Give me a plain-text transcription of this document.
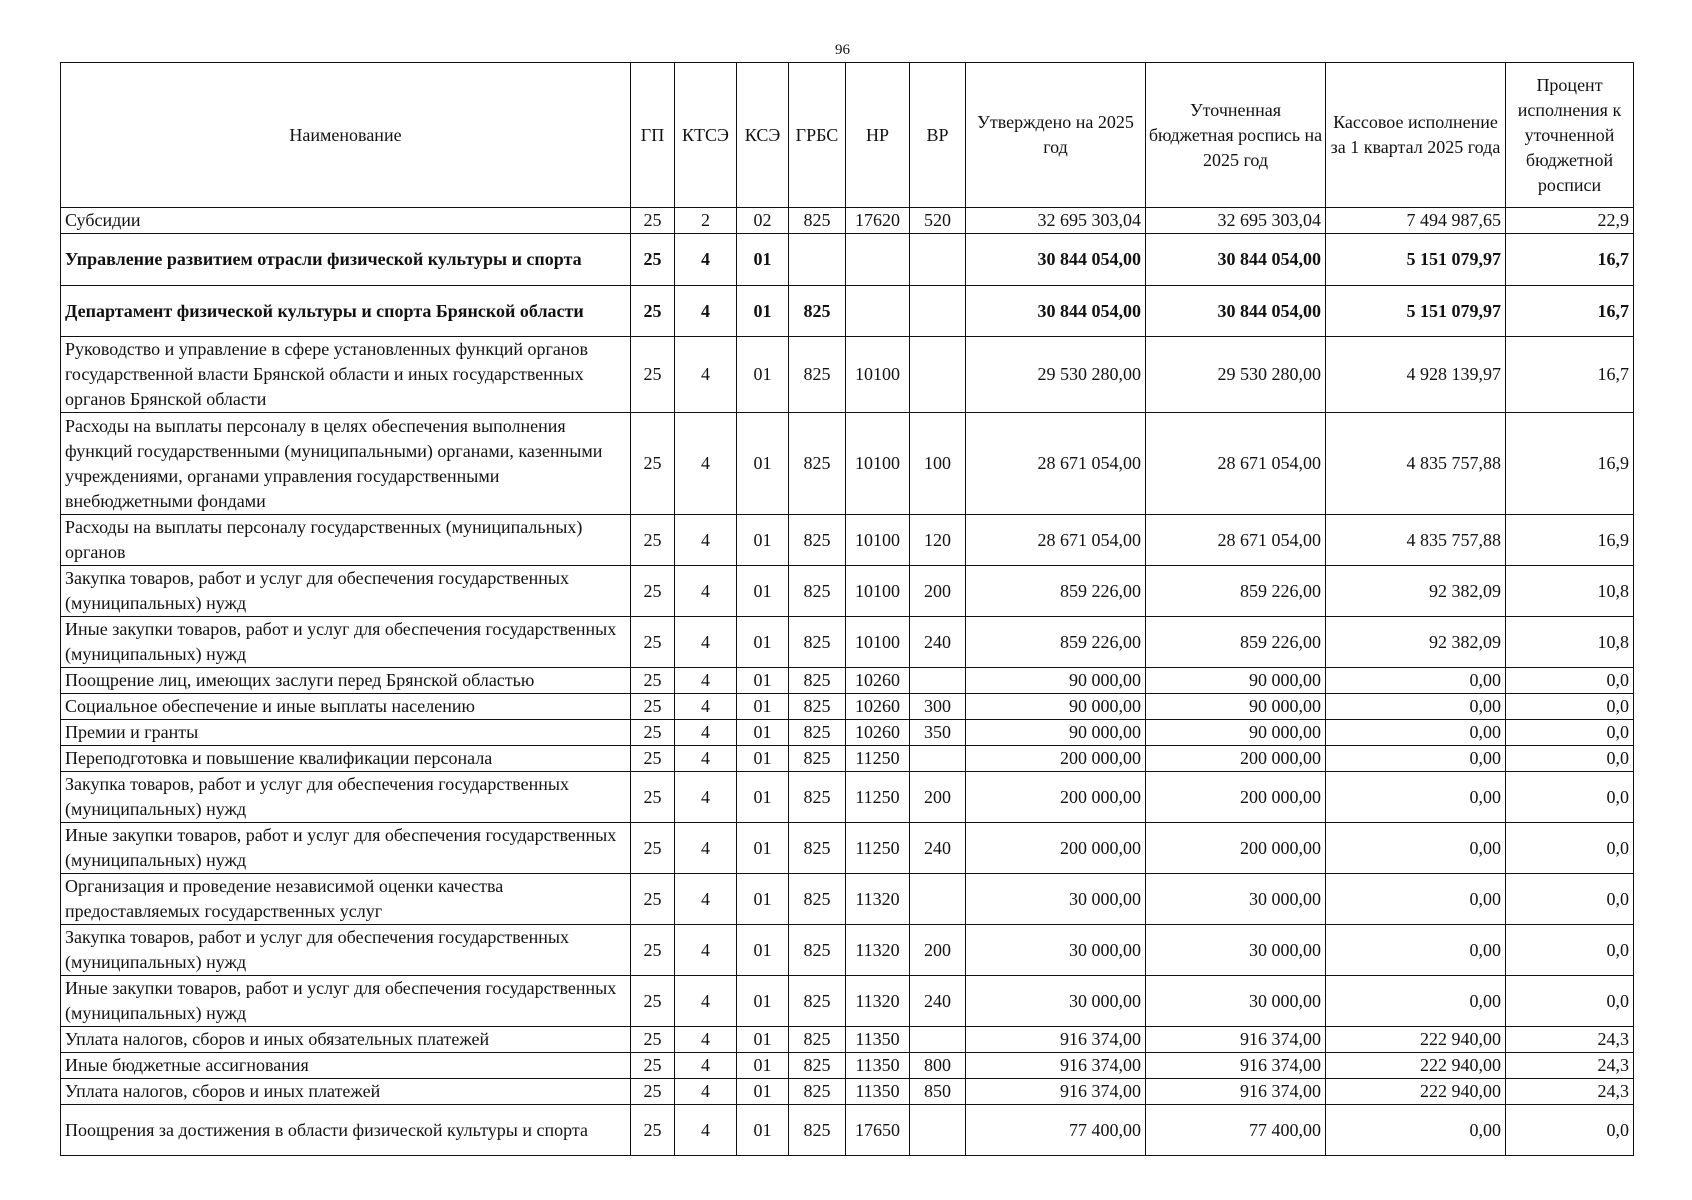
96
Наименование	ГП	КТСЭ	КСЭ	ГРБС	НР	ВР	Утверждено на 2025 год	Уточненная бюджетная роспись на 2025 год	Кассовое исполнение за 1 квартал 2025 года	Процент исполнения к уточненной бюджетной росписи
Субсидии	25	2	02	825	17620	520	32 695 303,04	32 695 303,04	7 494 987,65	22,9
Управление развитием отрасли физической культуры и спорта	25	4	01				30 844 054,00	30 844 054,00	5 151 079,97	16,7
Департамент физической культуры и спорта Брянской области	25	4	01	825			30 844 054,00	30 844 054,00	5 151 079,97	16,7
Руководство и управление в сфере установленных функций органов государственной власти Брянской области и иных государственных органов Брянской области	25	4	01	825	10100		29 530 280,00	29 530 280,00	4 928 139,97	16,7
Расходы на выплаты персоналу в целях обеспечения выполнения функций государственными (муниципальными) органами, казенными учреждениями, органами управления государственными внебюджетными фондами	25	4	01	825	10100	100	28 671 054,00	28 671 054,00	4 835 757,88	16,9
Расходы на выплаты персоналу государственных (муниципальных) органов	25	4	01	825	10100	120	28 671 054,00	28 671 054,00	4 835 757,88	16,9
Закупка товаров, работ и услуг для обеспечения государственных (муниципальных) нужд	25	4	01	825	10100	200	859 226,00	859 226,00	92 382,09	10,8
Иные закупки товаров, работ и услуг для обеспечения государственных (муниципальных) нужд	25	4	01	825	10100	240	859 226,00	859 226,00	92 382,09	10,8
Поощрение лиц, имеющих заслуги перед Брянской областью	25	4	01	825	10260		90 000,00	90 000,00	0,00	0,0
Социальное обеспечение и иные выплаты населению	25	4	01	825	10260	300	90 000,00	90 000,00	0,00	0,0
Премии и гранты	25	4	01	825	10260	350	90 000,00	90 000,00	0,00	0,0
Переподготовка и повышение квалификации персонала	25	4	01	825	11250		200 000,00	200 000,00	0,00	0,0
Закупка товаров, работ и услуг для обеспечения государственных (муниципальных) нужд	25	4	01	825	11250	200	200 000,00	200 000,00	0,00	0,0
Иные закупки товаров, работ и услуг для обеспечения государственных (муниципальных) нужд	25	4	01	825	11250	240	200 000,00	200 000,00	0,00	0,0
Организация и проведение независимой оценки качества предоставляемых государственных услуг	25	4	01	825	11320		30 000,00	30 000,00	0,00	0,0
Закупка товаров, работ и услуг для обеспечения государственных (муниципальных) нужд	25	4	01	825	11320	200	30 000,00	30 000,00	0,00	0,0
Иные закупки товаров, работ и услуг для обеспечения государственных (муниципальных) нужд	25	4	01	825	11320	240	30 000,00	30 000,00	0,00	0,0
Уплата налогов, сборов и иных обязательных платежей	25	4	01	825	11350		916 374,00	916 374,00	222 940,00	24,3
Иные бюджетные ассигнования	25	4	01	825	11350	800	916 374,00	916 374,00	222 940,00	24,3
Уплата налогов, сборов и иных платежей	25	4	01	825	11350	850	916 374,00	916 374,00	222 940,00	24,3
Поощрения за достижения в области физической культуры и спорта	25	4	01	825	17650		77 400,00	77 400,00	0,00	0,0
